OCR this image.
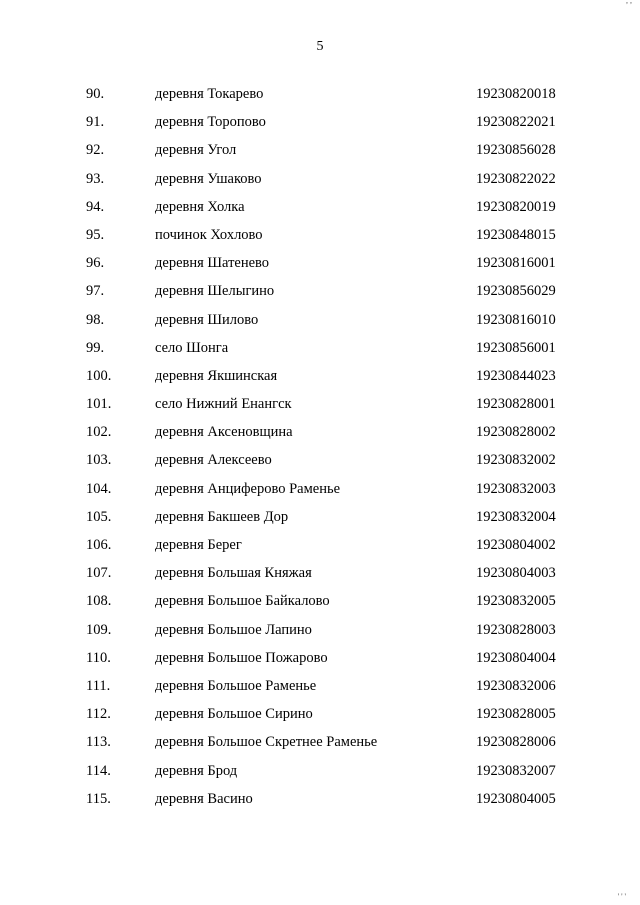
5
90.	деревня Токарево	19230820018
91.	деревня Торопово	19230822021
92.	деревня Угол	19230856028
93.	деревня Ушаково	19230822022
94.	деревня Холка	19230820019
95.	починок Хохлово	19230848015
96.	деревня Шатенево	19230816001
97.	деревня Шелыгино	19230856029
98.	деревня Шилово	19230816010
99.	село Шонга	19230856001
100.	деревня Якшинская	19230844023
101.	село Нижний Енангск	19230828001
102.	деревня Аксеновщина	19230828002
103.	деревня Алексеево	19230832002
104.	деревня Анциферово Раменье	19230832003
105.	деревня Бакшеев Дор	19230832004
106.	деревня Берег	19230804002
107.	деревня Большая Княжая	19230804003
108.	деревня Большое Байкалово	19230832005
109.	деревня Большое Лапино	19230828003
110.	деревня Большое Пожарово	19230804004
111.	деревня Большое Раменье	19230832006
112.	деревня Большое Сирино	19230828005
113.	деревня Большое Скретнее Раменье	19230828006
114.	деревня Брод	19230832007
115.	деревня Васино	19230804005
, ,
' ' '
